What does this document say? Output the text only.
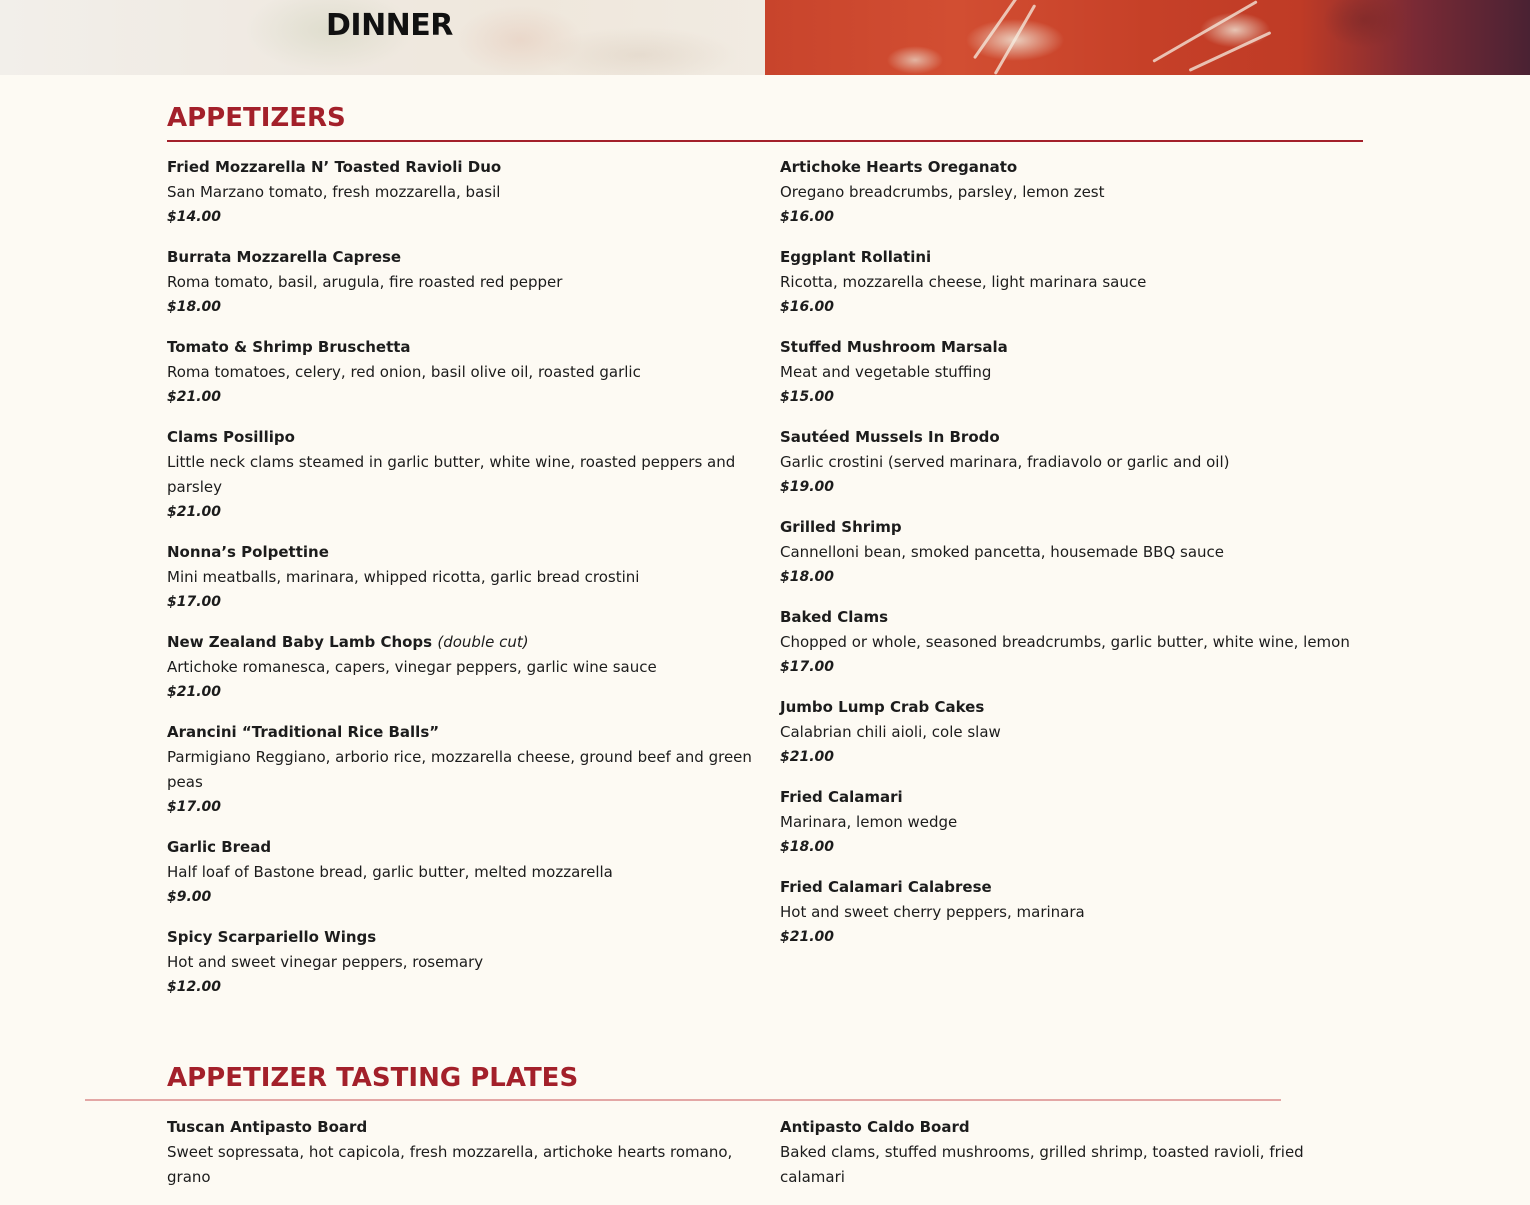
DINNER
APPETIZERS
Fried Mozzarella N’ Toasted Ravioli Duo
San Marzano tomato, fresh mozzarella, basil
$14.00
Burrata Mozzarella Caprese
Roma tomato, basil, arugula, fire roasted red pepper
$18.00
Tomato & Shrimp Bruschetta
Roma tomatoes, celery, red onion, basil olive oil, roasted garlic
$21.00
Clams Posillipo
Little neck clams steamed in garlic butter, white wine, roasted peppers and parsley
$21.00
Nonna’s Polpettine
Mini meatballs, marinara, whipped ricotta, garlic bread crostini
$17.00
New Zealand Baby Lamb Chops (double cut)
Artichoke romanesca, capers, vinegar peppers, garlic wine sauce
$21.00
Arancini “Traditional Rice Balls”
Parmigiano Reggiano, arborio rice, mozzarella cheese, ground beef and green peas
$17.00
Garlic Bread
Half loaf of Bastone bread, garlic butter, melted mozzarella
$9.00
Spicy Scarpariello Wings
Hot and sweet vinegar peppers, rosemary
$12.00
Artichoke Hearts Oreganato
Oregano breadcrumbs, parsley, lemon zest
$16.00
Eggplant Rollatini
Ricotta, mozzarella cheese, light marinara sauce
$16.00
Stuffed Mushroom Marsala
Meat and vegetable stuffing
$15.00
Sautéed Mussels In Brodo
Garlic crostini (served marinara, fradiavolo or garlic and oil)
$19.00
Grilled Shrimp
Cannelloni bean, smoked pancetta, housemade BBQ sauce
$18.00
Baked Clams
Chopped or whole, seasoned breadcrumbs, garlic butter, white wine, lemon
$17.00
Jumbo Lump Crab Cakes
Calabrian chili aioli, cole slaw
$21.00
Fried Calamari
Marinara, lemon wedge
$18.00
Fried Calamari Calabrese
Hot and sweet cherry peppers, marinara
$21.00
APPETIZER TASTING PLATES
Tuscan Antipasto Board
Sweet sopressata, hot capicola, fresh mozzarella, artichoke hearts romano, grano
Antipasto Caldo Board
Baked clams, stuffed mushrooms, grilled shrimp, toasted ravioli, fried calamari
